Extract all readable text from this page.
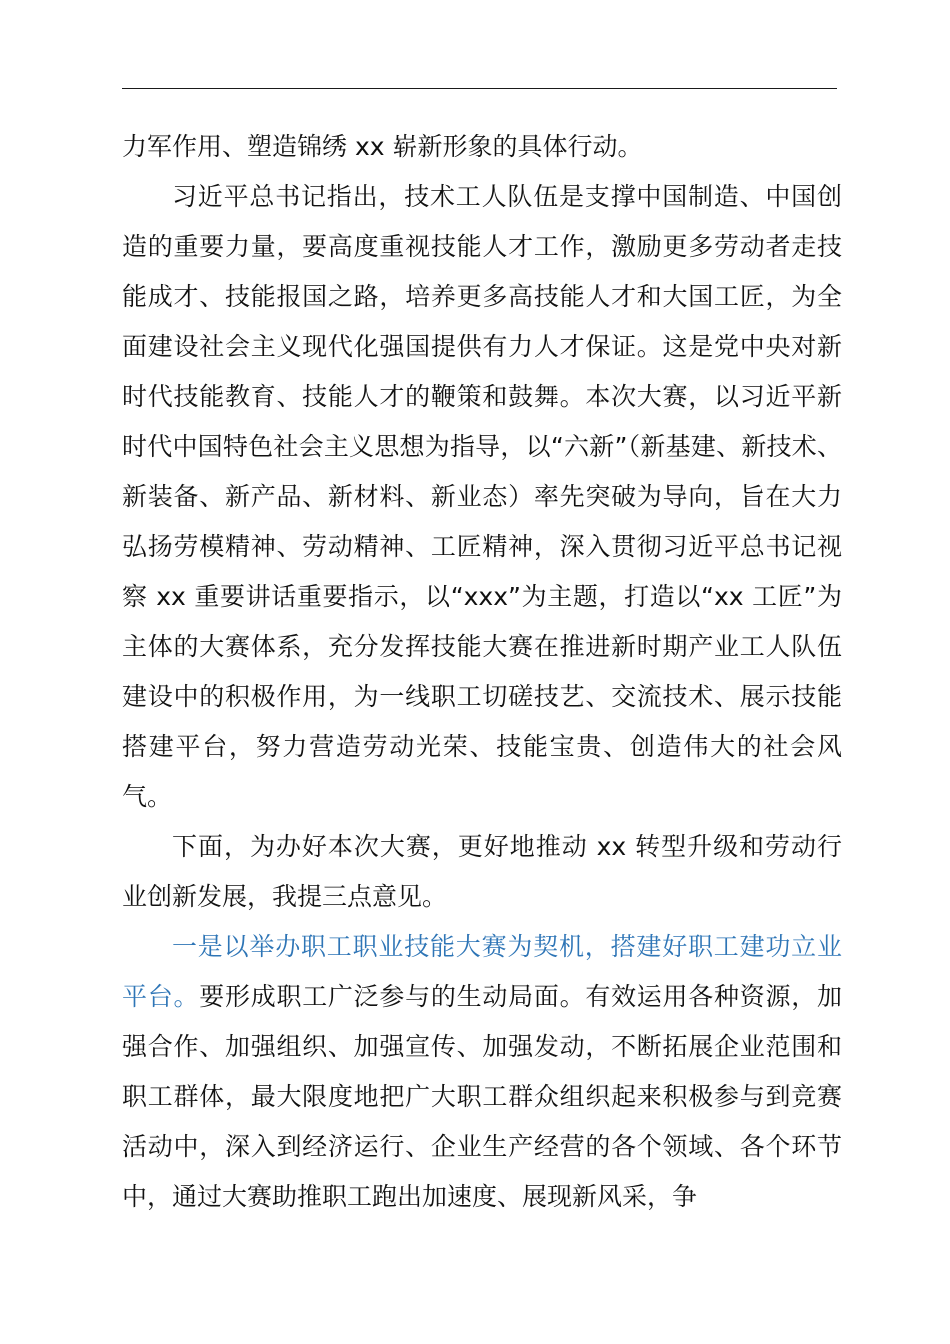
力军作用、塑造锦绣 xx 崭新形象的具体行动。

习近平总书记指出，技术工人队伍是支撑中国制造、中国创造的重要力量，要高度重视技能人才工作，激励更多劳动者走技能成才、技能报国之路，培养更多高技能人才和大国工匠，为全面建设社会主义现代化强国提供有力人才保证。这是党中央对新时代技能教育、技能人才的鞭策和鼓舞。本次大赛，以习近平新时代中国特色社会主义思想为指导，以“六新”（新基建、新技术、新装备、新产品、新材料、新业态）率先突破为导向，旨在大力弘扬劳模精神、劳动精神、工匠精神，深入贯彻习近平总书记视察 xx 重要讲话重要指示，以“xxx”为主题，打造以“xx 工匠”为主体的大赛体系，充分发挥技能大赛在推进新时期产业工人队伍建设中的积极作用，为一线职工切磋技艺、交流技术、展示技能搭建平台，努力营造劳动光荣、技能宝贵、创造伟大的社会风气。

下面，为办好本次大赛，更好地推动 xx 转型升级和劳动行业创新发展，我提三点意见。

一是以举办职工职业技能大赛为契机，搭建好职工建功立业平台。要形成职工广泛参与的生动局面。有效运用各种资源，加强合作、加强组织、加强宣传、加强发动，不断拓展企业范围和职工群体，最大限度地把广大职工群众组织起来积极参与到竞赛活动中，深入到经济运行、企业生产经营的各个领域、各个环节中，通过大赛助推职工跑出加速度、展现新风采，争
